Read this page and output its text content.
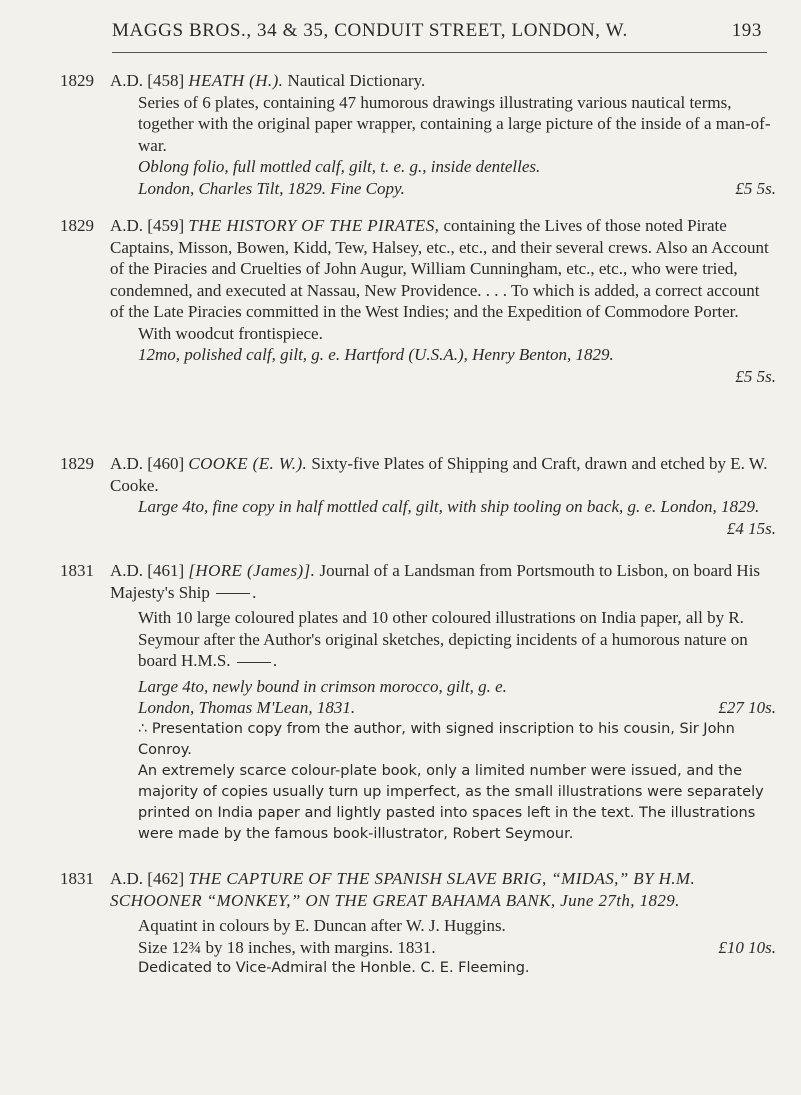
MAGGS BROS., 34 & 35, CONDUIT STREET, LONDON, W.	193
1829 A.D. [458] HEATH (H.). Nautical Dictionary.
Series of 6 plates, containing 47 humorous drawings illustrating various nautical terms, together with the original paper wrapper, containing a large picture of the inside of a man-of-war.
Oblong folio, full mottled calf, gilt, t. e. g., inside dentelles.
London, Charles Tilt, 1829. Fine Copy.	£5 5s.
1829 A.D. [459] THE HISTORY OF THE PIRATES, containing the Lives of those noted Pirate Captains, Misson, Bowen, Kidd, Tew, Halsey, etc., etc., and their several crews. Also an Account of the Piracies and Cruelties of John Augur, William Cunningham, etc., etc., who were tried, condemned, and executed at Nassau, New Providence. . . . To which is added, a correct account of the Late Piracies committed in the West Indies; and the Expedition of Commodore Porter.
With woodcut frontispiece.
12mo, polished calf, gilt, g. e. Hartford (U.S.A.), Henry Benton, 1829.
£5 5s.
1829 A.D. [460] COOKE (E. W.). Sixty-five Plates of Shipping and Craft, drawn and etched by E. W. Cooke.
Large 4to, fine copy in half mottled calf, gilt, with ship tooling on back, g. e. London, 1829.
£4 15s.
1831 A.D. [461] [HORE (James)]. Journal of a Landsman from Portsmouth to Lisbon, on board His Majesty's Ship .
With 10 large coloured plates and 10 other coloured illustrations on India paper, all by R. Seymour after the Author's original sketches, depicting incidents of a humorous nature on board H.M.S. .
Large 4to, newly bound in crimson morocco, gilt, g. e.
London, Thomas M'Lean, 1831.	£27 10s.
∴ Presentation copy from the author, with signed inscription to his cousin, Sir John Conroy.
An extremely scarce colour-plate book, only a limited number were issued, and the majority of copies usually turn up imperfect, as the small illustrations were separately printed on India paper and lightly pasted into spaces left in the text. The illustrations were made by the famous book-illustrator, Robert Seymour.
1831 A.D. [462] THE CAPTURE OF THE SPANISH SLAVE BRIG, “MIDAS,” BY H.M. SCHOONER “MONKEY,” ON THE GREAT BAHAMA BANK, June 27th, 1829.
Aquatint in colours by E. Duncan after W. J. Huggins.
Size 12¾ by 18 inches, with margins. 1831.	£10 10s.
Dedicated to Vice-Admiral the Honble. C. E. Fleeming.
